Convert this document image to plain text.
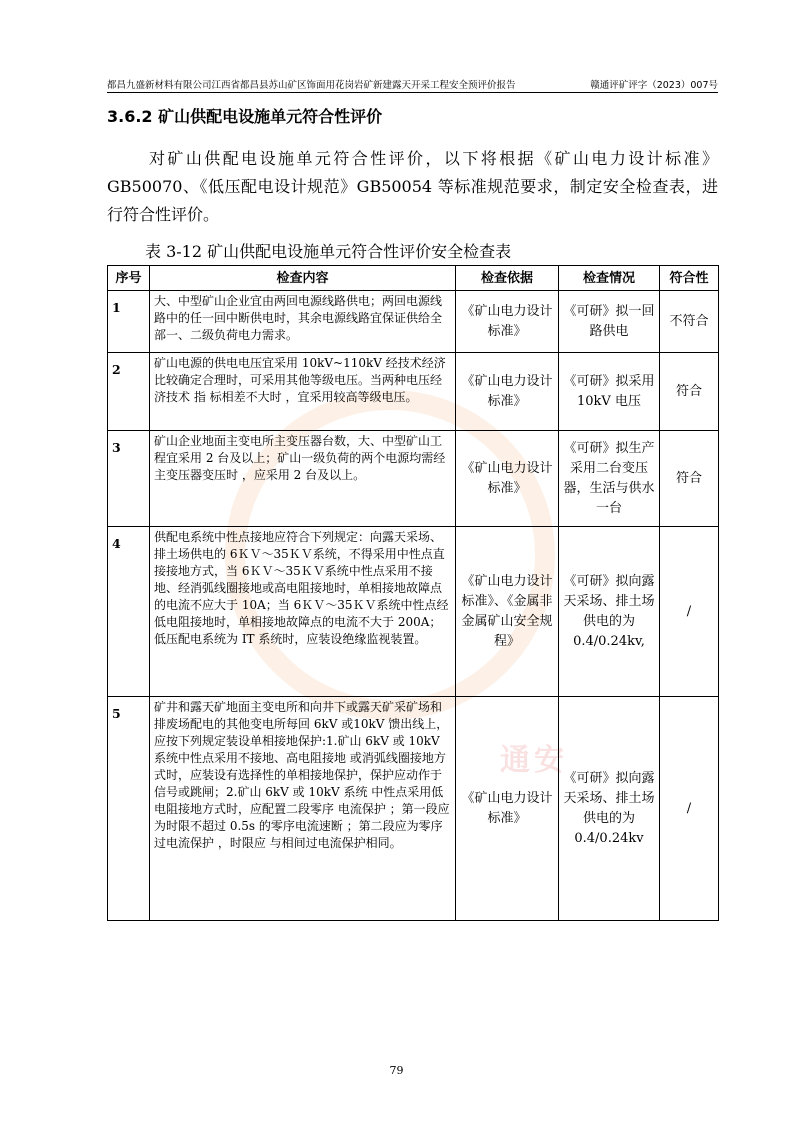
都昌九盛新材料有限公司江西省都昌县苏山矿区饰面用花岗岩矿新建露天开采工程安全预评价报告	赣通评矿评字（2023）007号
通安
3.6.2 矿山供配电设施单元符合性评价

对矿山供配电设施单元符合性评价，以下将根据《矿山电力设计标准》GB50070、《低压配电设计规范》GB50054 等标准规范要求，制定安全检查表，进行符合性评价。

表 3-12 矿山供配电设施单元符合性评价安全检查表
序号	检查内容	检查依据	检查情况	符合性
1	大、中型矿山企业宜由两回电源线路供电；两回电源线路中的任一回中断供电时，其余电源线路宜保证供给全部一、二级负荷电力需求。	《矿山电力设计标准》	《可研》拟一回路供电	不符合
2	矿山电源的供电电压宜采用 10kV~110kV 经技术经济比较确定合理时，可采用其他等级电压。当两种电压经济技术 指 标相差不大时 ，宜采用较高等级电压。	《矿山电力设计标准》	《可研》拟采用10kV 电压	符合
3	矿山企业地面主变电所主变压器台数，大、中型矿山工程宜采用 2 台及以上；矿山一级负荷的两个电源均需经主变压器变压时 ，应采用 2 台及以上。	《矿山电力设计标准》	《可研》拟生产采用二台变压器，生活与供水一台	符合
4	供配电系统中性点接地应符合下列规定：向露天采场、排土场供电的 6ＫＶ～35ＫＶ系统，不得采用中性点直接接地方式，当 6ＫＶ～35ＫＶ系统中性点采用不接地、经消弧线圈接地或高电阻接地时，单相接地故障点的电流不应大于 10A；当 6ＫＶ～35ＫＶ系统中性点经低电阻接地时，单相接地故障点的电流不大于 200A；低压配电系统为 IT 系统时，应装设绝缘监视装置。	《矿山电力设计标准》、《金属非金属矿山安全规程》	《可研》拟向露天采场、排土场供电的为0.4/0.24kv,	/
5	矿井和露天矿地面主变电所和向井下或露天矿采矿场和排废场配电的其他变电所每回 6kV 或10kV 馈出线上，应按下列规定装设单相接地保护:1.矿山 6kV 或 10kV 系统中性点采用不接地、高电阻接地 或消弧线圈接地方式时，应装设有选择性的单相接地保护，保护应动作于信号或跳闸；2.矿山 6kV 或 10kV 系统 中性点采用低电阻接地方式时，应配置二段零序 电流保护 ；第一段应为时限不超过 0.5s 的零序电流速断 ；第二段应为零序过电流保护 ，时限应 与相间过电流保护相同。	《矿山电力设计标准》	《可研》拟向露天采场、排土场供电的为0.4/0.24kv	/
79
